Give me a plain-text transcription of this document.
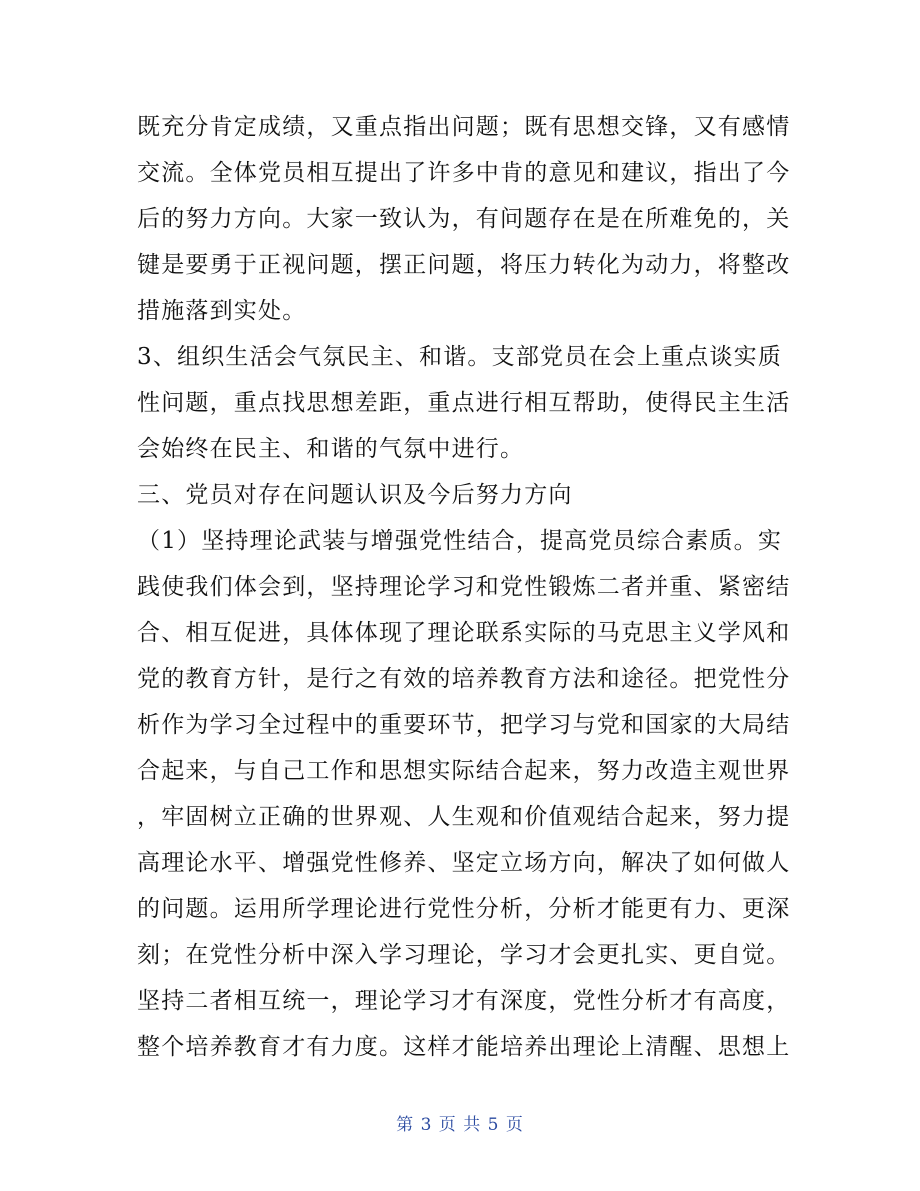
既充分肯定成绩，又重点指出问题；既有思想交锋，又有感情
交流。全体党员相互提出了许多中肯的意见和建议，指出了今
后的努力方向。大家一致认为，有问题存在是在所难免的，关
键是要勇于正视问题，摆正问题，将压力转化为动力，将整改
措施落到实处。
3、组织生活会气氛民主、和谐。支部党员在会上重点谈实质
性问题，重点找思想差距，重点进行相互帮助，使得民主生活
会始终在民主、和谐的气氛中进行。
三、党员对存在问题认识及今后努力方向
（1）坚持理论武装与增强党性结合，提高党员综合素质。实
践使我们体会到，坚持理论学习和党性锻炼二者并重、紧密结
合、相互促进，具体体现了理论联系实际的马克思主义学风和
党的教育方针，是行之有效的培养教育方法和途径。把党性分
析作为学习全过程中的重要环节，把学习与党和国家的大局结
合起来，与自己工作和思想实际结合起来，努力改造主观世界
，牢固树立正确的世界观、人生观和价值观结合起来，努力提
高理论水平、增强党性修养、坚定立场方向，解决了如何做人
的问题。运用所学理论进行党性分析，分析才能更有力、更深
刻；在党性分析中深入学习理论，学习才会更扎实、更自觉。
坚持二者相互统一，理论学习才有深度，党性分析才有高度，
整个培养教育才有力度。这样才能培养出理论上清醒、思想上
第 3 页 共 5 页
